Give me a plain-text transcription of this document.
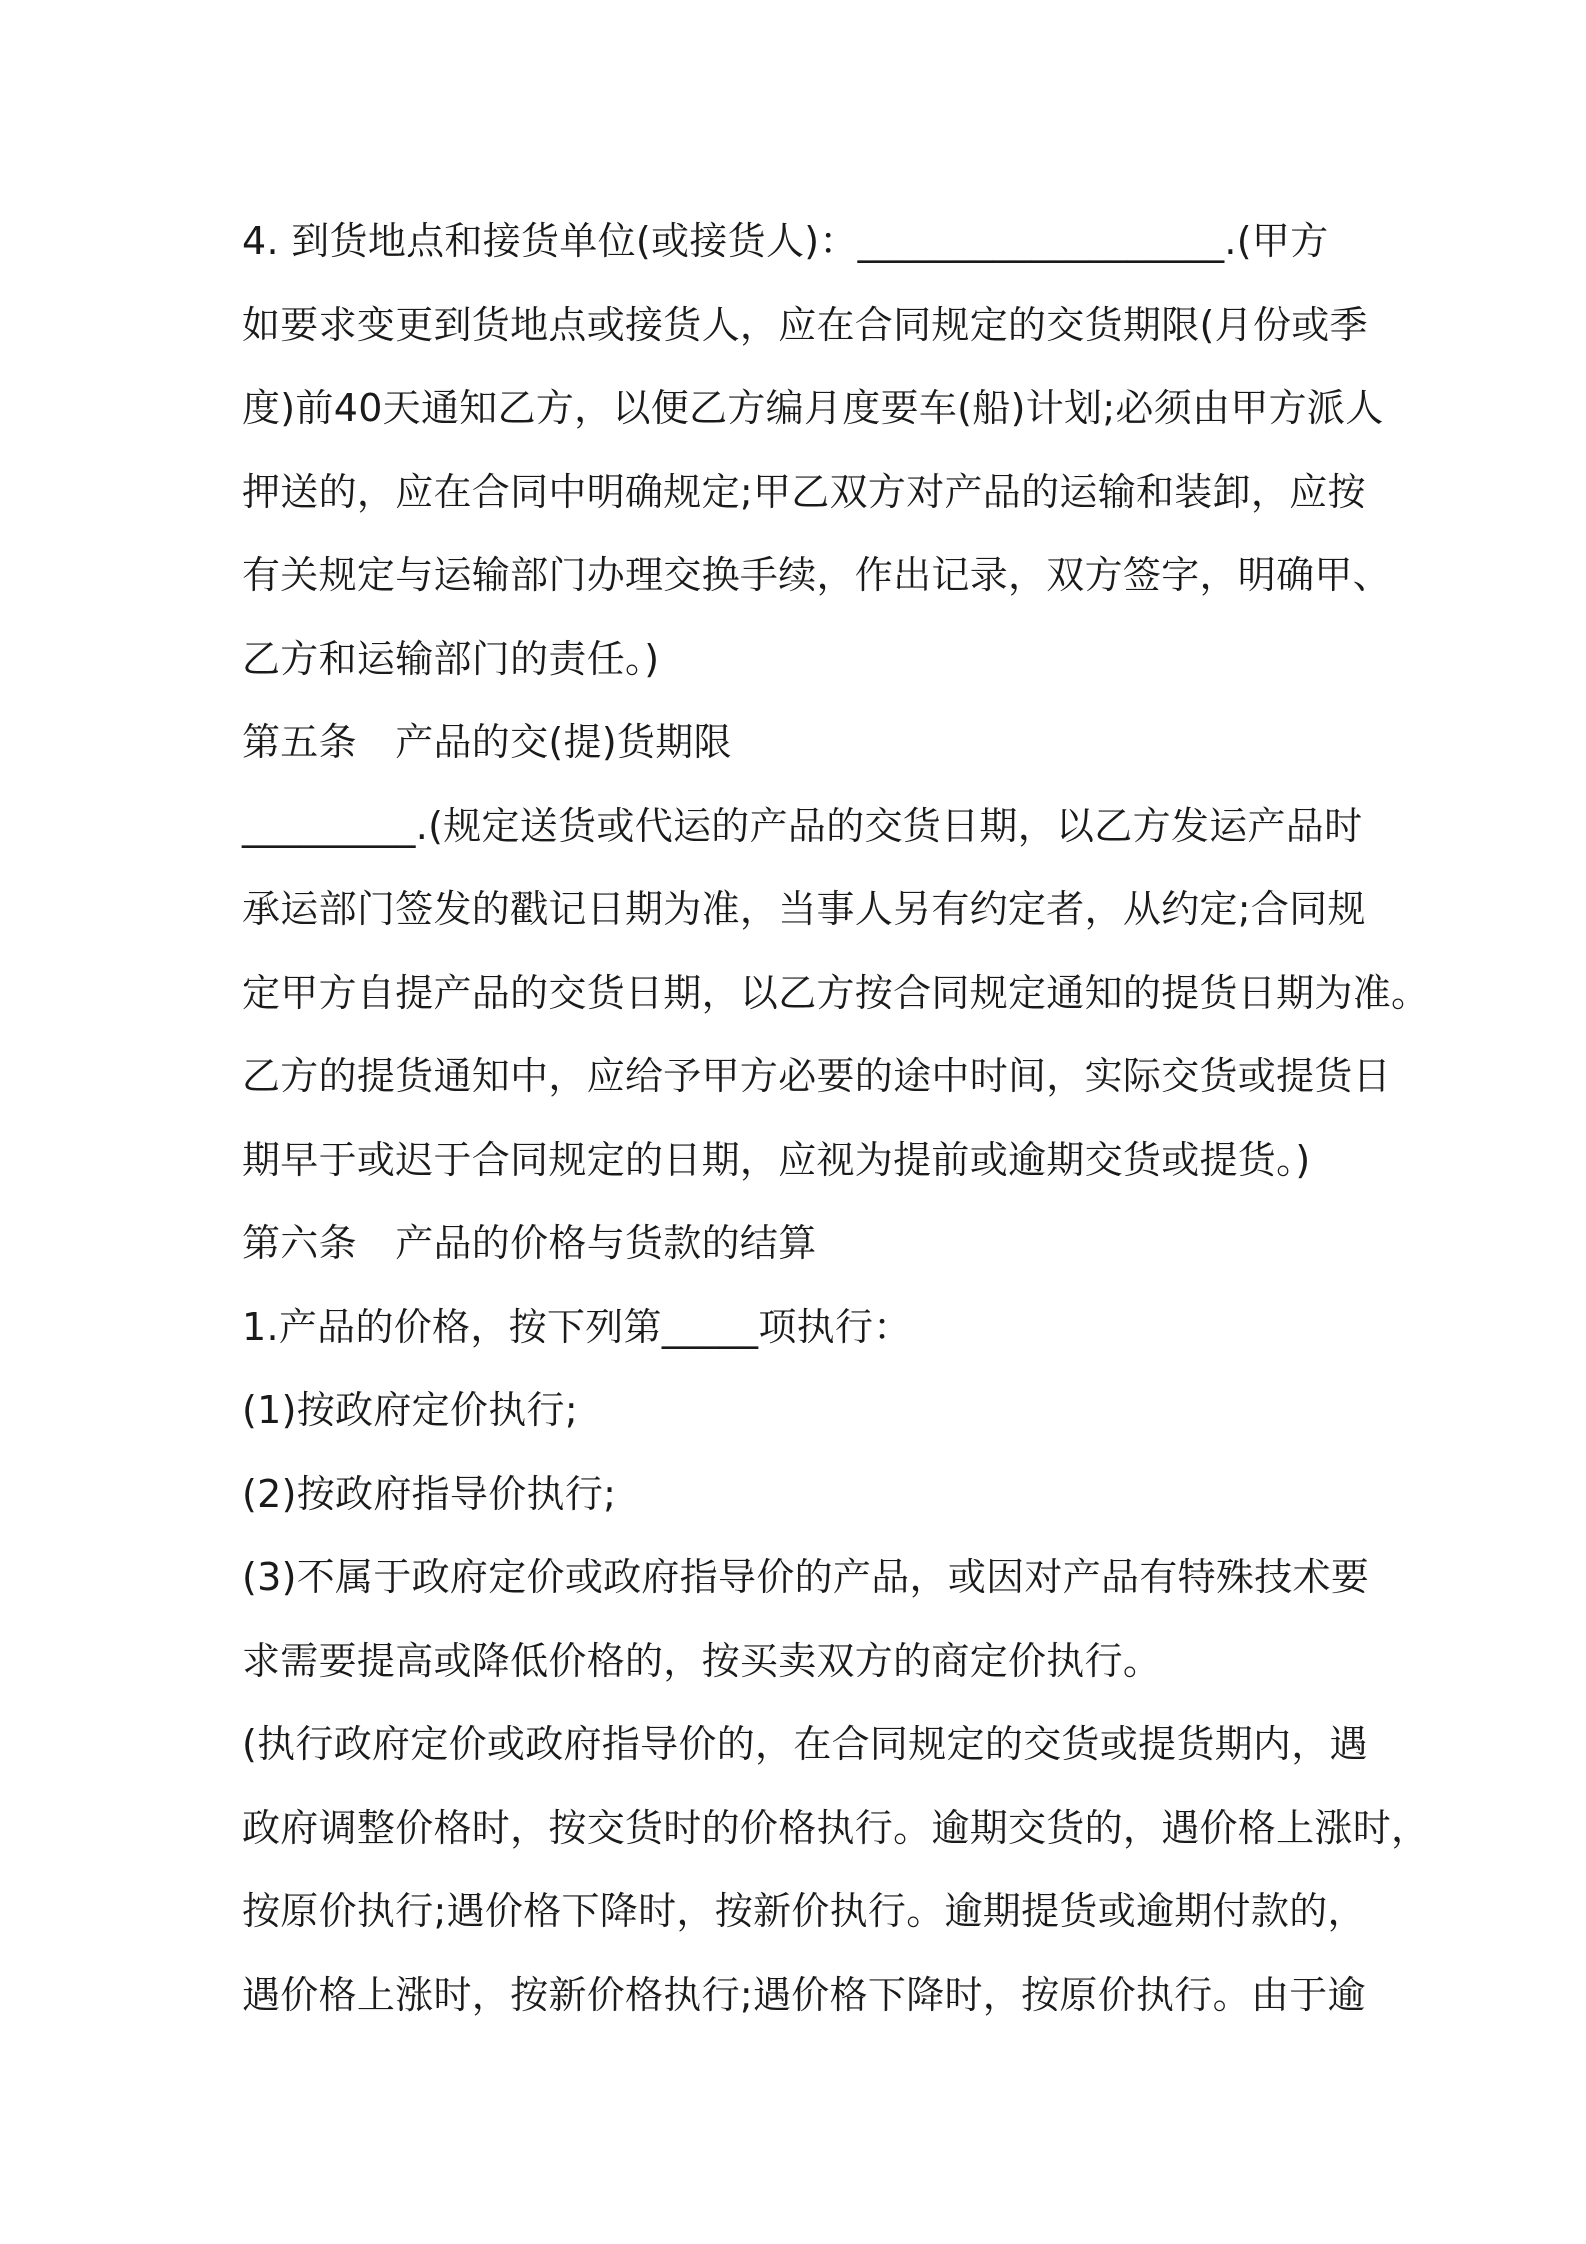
4. 到货地点和接货单位(或接货人)：___________________.(甲方
如要求变更到货地点或接货人，应在合同规定的交货期限(月份或季
度)前40天通知乙方，以便乙方编月度要车(船)计划;必须由甲方派人
押送的，应在合同中明确规定;甲乙双方对产品的运输和装卸，应按
有关规定与运输部门办理交换手续，作出记录，双方签字，明确甲、
乙方和运输部门的责任。)
第五条　产品的交(提)货期限
_________.(规定送货或代运的产品的交货日期，以乙方发运产品时
承运部门签发的戳记日期为准，当事人另有约定者，从约定;合同规
定甲方自提产品的交货日期，以乙方按合同规定通知的提货日期为准。
乙方的提货通知中，应给予甲方必要的途中时间，实际交货或提货日
期早于或迟于合同规定的日期，应视为提前或逾期交货或提货。)
第六条　产品的价格与货款的结算
1.产品的价格，按下列第_____项执行：
(1)按政府定价执行;
(2)按政府指导价执行;
(3)不属于政府定价或政府指导价的产品，或因对产品有特殊技术要
求需要提高或降低价格的，按买卖双方的商定价执行。
(执行政府定价或政府指导价的，在合同规定的交货或提货期内，遇
政府调整价格时，按交货时的价格执行。逾期交货的，遇价格上涨时，
按原价执行;遇价格下降时，按新价执行。逾期提货或逾期付款的，
遇价格上涨时，按新价格执行;遇价格下降时，按原价执行。由于逾
